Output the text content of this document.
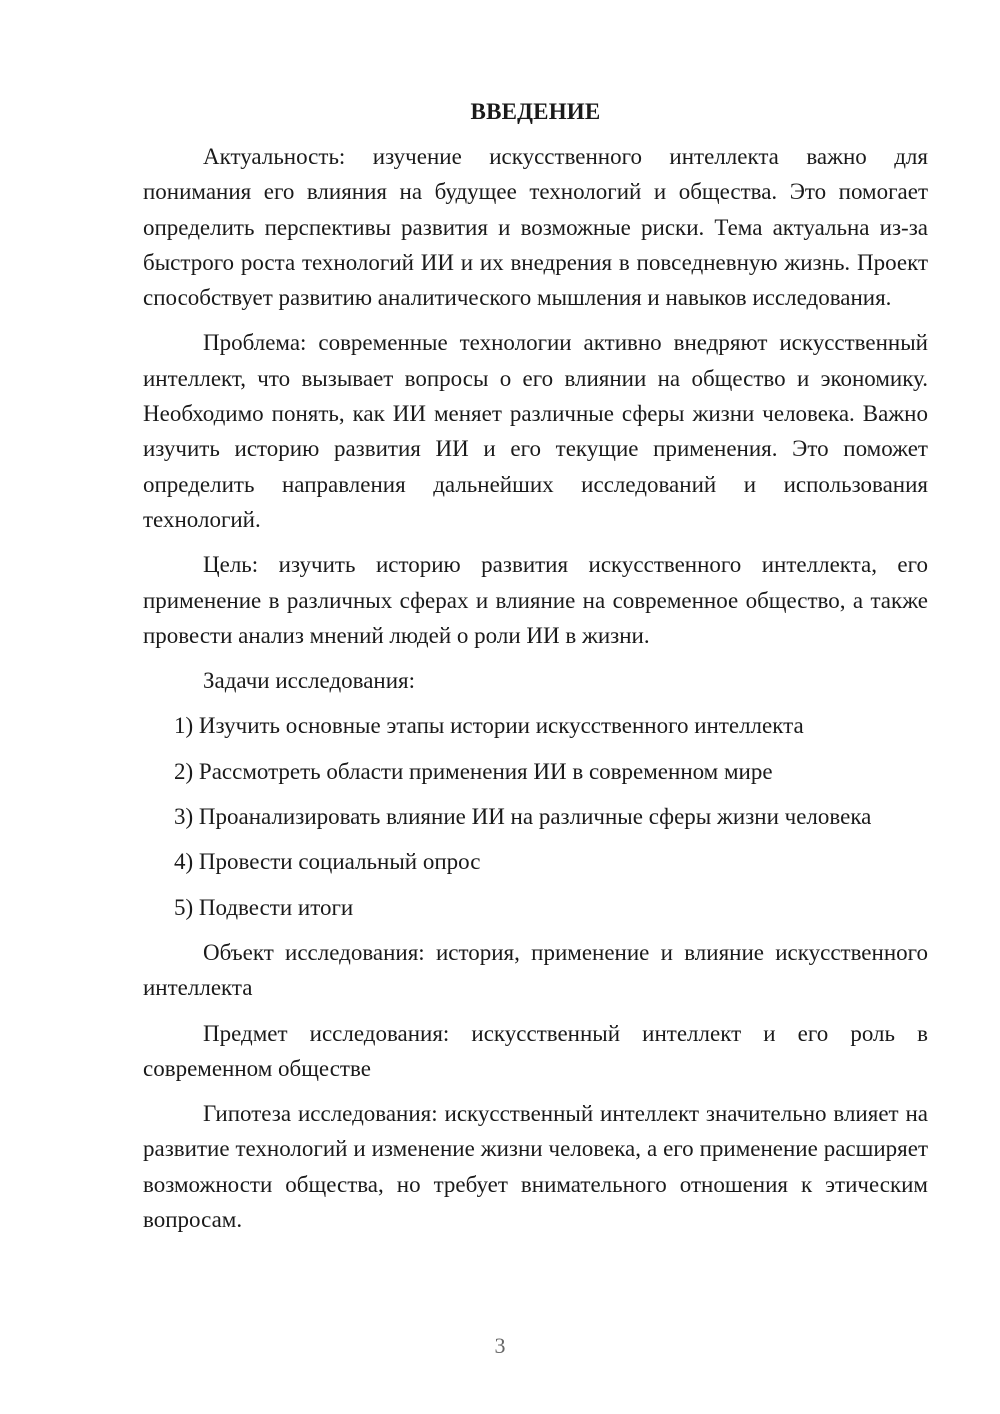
ВВЕДЕНИЕ

Актуальность: изучение искусственного интеллекта важно для понимания его влияния на будущее технологий и общества. Это помогает определить перспективы развития и возможные риски. Тема актуальна из-за быстрого роста технологий ИИ и их внедрения в повседневную жизнь. Проект способствует развитию аналитического мышления и навыков исследования.

Проблема: современные технологии активно внедряют искусственный интеллект, что вызывает вопросы о его влиянии на общество и экономику. Необходимо понять, как ИИ меняет различные сферы жизни человека. Важно изучить историю развития ИИ и его текущие применения. Это поможет определить направления дальнейших исследований и использования технологий.

Цель: изучить историю развития искусственного интеллекта, его применение в различных сферах и влияние на современное общество, а также провести анализ мнений людей о роли ИИ в жизни.

Задачи исследования:

1) Изучить основные этапы истории искусственного интеллекта

2) Рассмотреть области применения ИИ в современном мире

3) Проанализировать влияние ИИ на различные сферы жизни человека

4) Провести социальный опрос

5) Подвести итоги

Объект исследования: история, применение и влияние искусственного интеллекта

Предмет исследования: искусственный интеллект и его роль в современном обществе

Гипотеза исследования: искусственный интеллект значительно влияет на развитие технологий и изменение жизни человека, а его применение расширяет возможности общества, но требует внимательного отношения к этическим вопросам.

3
